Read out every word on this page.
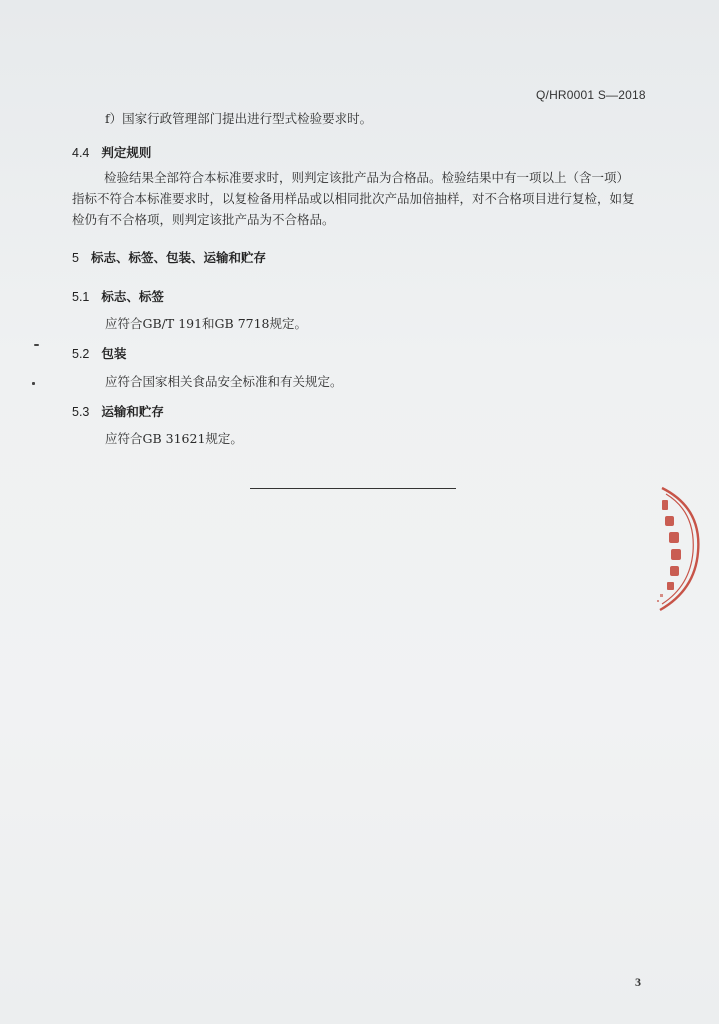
Q/HR0001 S—2018
f）国家行政管理部门提出进行型式检验要求时。
4.4 判定规则
检验结果全部符合本标准要求时，则判定该批产品为合格品。检验结果中有一项以上（含一项）
指标不符合本标准要求时，以复检备用样品或以相同批次产品加倍抽样，对不合格项目进行复检，如复
检仍有不合格项，则判定该批产品为不合格品。
5 标志、标签、包装、运输和贮存
5.1 标志、标签
应符合GB/T 191和GB 7718规定。
5.2 包装
应符合国家相关食品安全标准和有关规定。
5.3 运输和贮存
应符合GB 31621规定。
3
